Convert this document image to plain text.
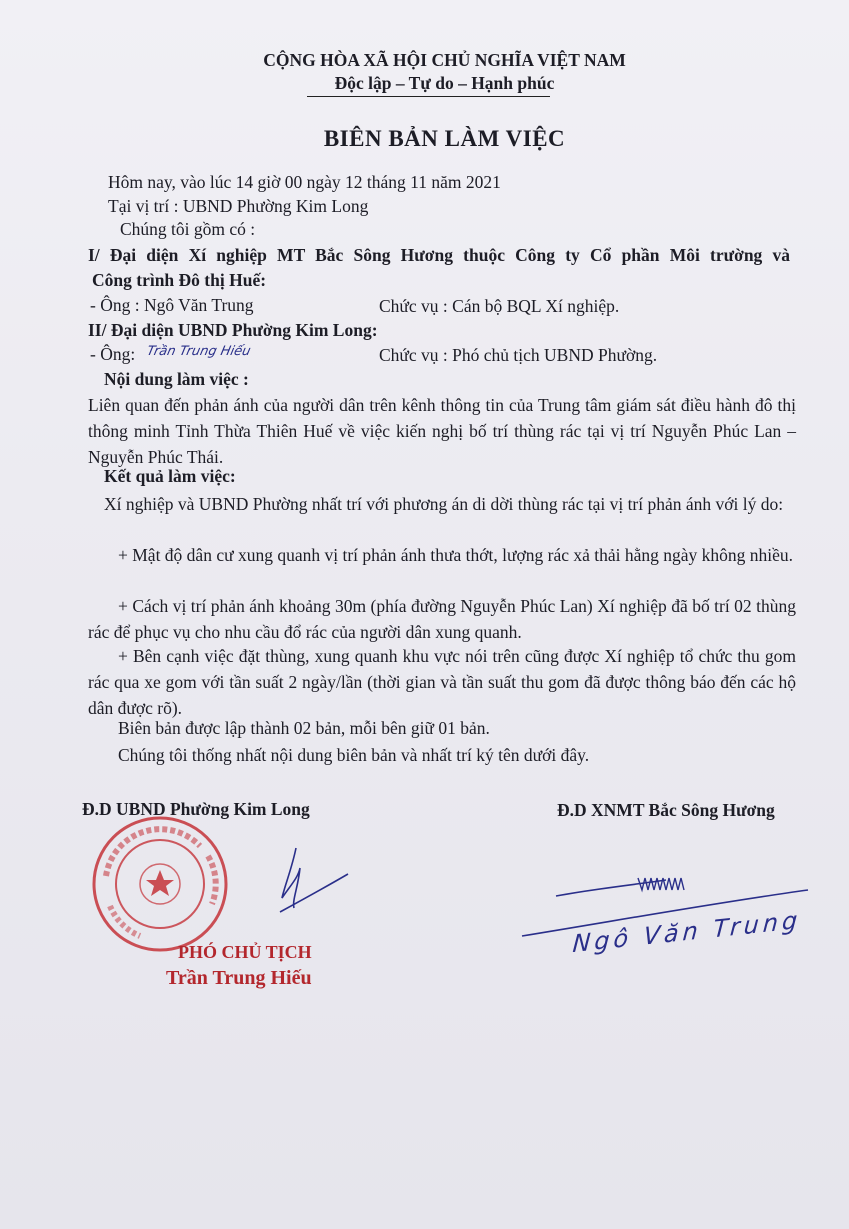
CỘNG HÒA XÃ HỘI CHỦ NGHĨA VIỆT NAM
Độc lập – Tự do – Hạnh phúc
BIÊN BẢN LÀM VIỆC
Hôm nay, vào lúc 14 giờ 00 ngày 12 tháng 11 năm 2021
Tại vị trí : UBND Phường Kim Long
Chúng tôi gồm có :
I/ Đại diện Xí nghiệp MT Bắc Sông Hương thuộc Công ty Cổ phần Môi trường và
Công trình Đô thị Huế:
- Ông : Ngô Văn Trung	Chức vụ : Cán bộ BQL Xí nghiệp.
II/ Đại diện UBND Phường Kim Long:
- Ông: Trần Trung Hiếu	Chức vụ : Phó chủ tịch UBND Phường.
Nội dung làm việc :
Liên quan đến phản ánh của người dân trên kênh thông tin của Trung tâm giám sát điều hành đô thị thông minh Tỉnh Thừa Thiên Huế về việc kiến nghị bố trí thùng rác tại vị trí Nguyễn Phúc Lan – Nguyễn Phúc Thái.
Kết quả làm việc:
Xí nghiệp và UBND Phường nhất trí với phương án di dời thùng rác tại vị trí phản ánh với lý do:
+ Mật độ dân cư xung quanh vị trí phản ánh thưa thớt, lượng rác xả thải hằng ngày không nhiều.
+ Cách vị trí phản ánh khoảng 30m (phía đường Nguyễn Phúc Lan) Xí nghiệp đã bố trí 02 thùng rác để phục vụ cho nhu cầu đổ rác của người dân xung quanh.
+ Bên cạnh việc đặt thùng, xung quanh khu vực nói trên cũng được Xí nghiệp tổ chức thu gom rác qua xe gom với tần suất 2 ngày/lần (thời gian và tần suất thu gom đã được thông báo đến các hộ dân được rõ).
Biên bản được lập thành 02 bản, mỗi bên giữ 01 bản.
Chúng tôi thống nhất nội dung biên bản và nhất trí ký tên dưới đây.
Đ.D UBND Phường Kim Long	Đ.D XNMT Bắc Sông Hương
PHÓ CHỦ TỊCH
Trần Trung Hiếu
Ngô Văn Trung
